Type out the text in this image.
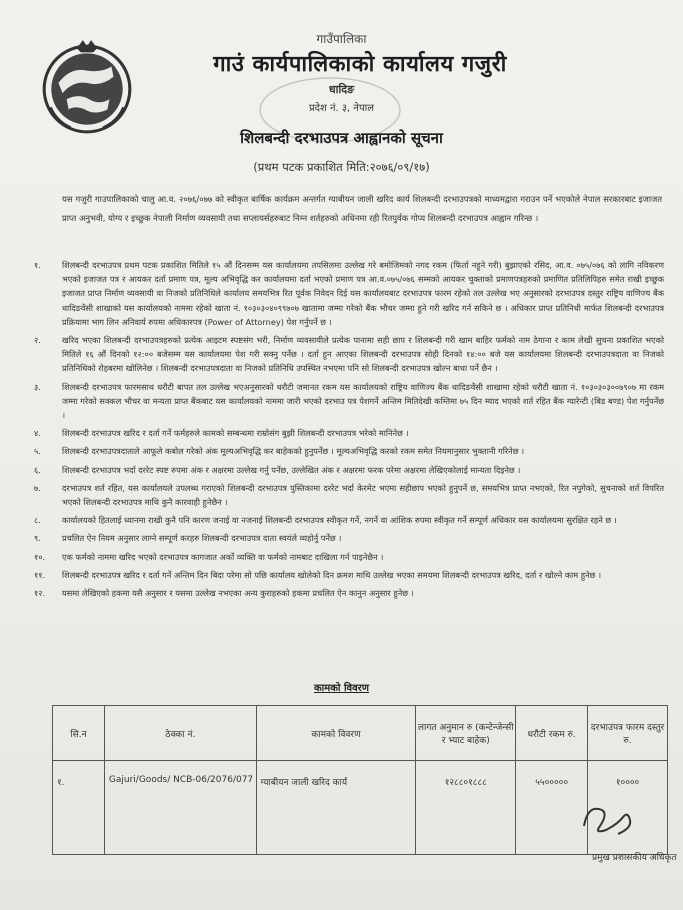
गाउँपालिका
गाउं कार्यपालिकाको कार्यालय गजुरी
धादिङ
प्रदेश नं. ३, नेपाल
शिलबन्दी दरभाउपत्र आह्वानको सूचना
(प्रथम पटक प्रकाशित मिति:२०७६/०९/१७)
यस गजुरी गाउपालिकाको चालु आ.व. २०७६/०७७ को स्वीकृत बार्षिक कार्यक्रम अन्तर्गत ग्याबीयन जाली खरिद कार्य शिलबन्दी दरभाउपत्रको माध्यमद्वारा गराउन पर्ने भएकोले नेपाल सरकारबाट इजाजत प्राप्त अनुभवी, योग्य र इच्छुक नेपाली निर्माण व्यवसायी तथा सप्लायर्सहरुबाट निम्न शर्तहरुको अधिनमा रही रितपुर्वक गोप्य शिलबन्दी दरभाउपत्र आह्वान गरिन्छ ।
१.	शिलबन्दी दरभाउपत्र प्रथम पटक प्रकाशित मितिले १५ औं दिनसम्म यस कार्यालयमा तपसिलमा उल्लेख गरे बमोजिमको नगद रकम (फिर्ता नहुने गरी) बुझाएको रसिद, आ.व. ०७५/०७६ को लागि नविकरण भएको इजाजत पत्र र आयकर दर्ता प्रमाण पत्र, मूल्य अभिवृद्धि कर कार्यालयमा दर्ता भएको प्रमाण पत्र आ.व.०७५/०७६ सम्मको आयकर चुक्ताको प्रमाणपत्रहरुको प्रमाणित प्रतिलिपिहरु समेत राखी इच्छुक इजाजत प्राप्त निर्माण व्यवसायी वा निजको प्रतिनिधिले कार्यालय समयभित्र रित पूर्वक निवेदन दिई यस कार्यालयबाट दरभाउपत्र फारम रहेको तल उल्लेख भए अनुसारको दरभाउपत्र दस्तुर राष्ट्रिय वाणिज्य बैंक धादिङवेंसी शाखाको यस कार्यालयको नाममा रहेको खाता नं. १०३०३०४०९९७०७ खातामा जम्मा गरेको बैंक भौचर जम्मा हुने गरी खरिद गर्न सकिने छ । अधिकार प्राप्त प्रतिनिधी मार्फत शिलबन्दी दरभाउपत्र प्रक्रियामा भाग लिन अनिवार्य रुपमा अधिकारपत्र (Power of Attorney) पेश गर्नुपर्ने छ ।
२.	खरिद भएका शिलबन्दी दरभाउपत्रहरुको प्रत्येक आइटम स्पष्टसंग भरी, निर्माण व्यवसायीले प्रत्येक पानामा सही छाप र शिलबन्दी गरी खाम बाहिर फर्मको नाम ठेगाना र काम लेखी सुचना प्रकाशित भएको मितिले १६ औं दिनको १२:०० बजेसम्म यस कार्यालयमा पेश गरी सक्नु पर्नेछ । दर्ता हुन आएका शिलबन्दी दरभाउपत्र सोही दिनको १४:०० बजे यस कार्यालयमा शिलबन्दी दरभाउपत्रदाता वा निजको प्रतिनिधिको रोहबरमा खोलिनेछ । शिलबन्दी दरभाउपत्रदाता वा निजको प्रतिनिधि उपस्थित नभएमा पनि सो शिलबन्दी दरभाउपत्र खोल्न बाधा पर्ने छैन ।
३.	शिलबन्दी दरभाउपत्र फारमसाथ धरौटी बापत तल उल्लेख भएअनुसारको धरौटी जमानत रकम यस कार्यालयको राष्ट्रिय वाणिज्य बैंक धादिङवेंसी शाखामा रहेको धरौटी खाता नं. १०३०३०३००७९०७ मा रकम जम्मा गरेको सक्कल भौचर वा मन्यता प्राप्त बैंकबाट यस कार्यालयको नाममा जारी भएको दरभाउ पत्र पेशगर्ने अन्तिम मितिदेखी कम्तिमा ७५ दिन म्याद भएको शर्त रहित बैंक ग्यारेन्टी (बिड बण्ड) पेश गर्नुपर्नेछ ।
४.	शिलबन्दी दरभाउपत्र खरिद र दर्ता गर्ने फर्महरुले कामको सम्बन्धमा राम्रोसंग बुझी शिलबन्दी दरभाउपत्र भरेको मानिनेछ ।
५.	शिलबन्दी दरभाउपत्रदाताले आफूले कबोल गरेको अंक मूल्यअभिवृद्धि कर बाहेकको हुनुपर्नेछ । मूल्यअभिवृद्धि करको रकम समेत नियमानुसार भुक्तानी गरिनेछ ।
६.	शिलबन्दी दरभाउपत्र भर्दा दररेट स्पष्ट रुपमा अंक र अक्षरमा उल्लेख गर्नु पर्नेछ, उल्लेखित अंक र अक्षरमा फरक परेमा अक्षरमा लेखिएकोलाई मान्यता दिइनेछ ।
७.	दरभाउपत्र शर्त रहित, यस कार्यालयले उपलब्ध गराएको शिलबन्दी दरभाउपत्र पुस्तिकामा दररेट भर्दा केरमेट भएमा सहीछाप भएको हुनुपर्ने छ, समयभित्र प्राप्त नभएको, रित नपुगेको, सुचनाको शर्त विपरित भएको शिलबन्दी दरभाउपत्र माथि कुनै कारवाही हुनेछैन ।
८.	कार्यालयको हितलाई ध्यानमा राखी कुनै पनि कारण जनाई वा नजनाई शिलबन्दी दरभाउपत्र स्वीकृत गर्ने, नगर्ने वा आंशिक रुपमा स्वीकृत गर्ने सम्पूर्ण अधिकार यस कार्यालयमा सुरक्षित रहने छ ।
९.	प्रचलित ऐन नियम अनुसार लाग्ने सम्पूर्ण करहरु शिलबन्दी दरभाउपत्र दाता स्वयंले व्यहोर्नु पर्नेछ ।
१०.	एक फर्मको नाममा खरिद भएको दरभाउपत्र कागजात अर्को व्यक्ति वा फर्मको नामबाट दाखिला गर्न पाइनेछैन ।
११.	शिलबन्दी दरभाउपत्र खरिद र दर्ता गर्ने अन्तिम दिन बिदा परेमा सो पछि कार्यालय खोलेको दिन क्रमश माथि उल्लेख भएका समयमा शिलबन्दी दरभाउपत्र खरिद, दर्ता र खोल्ने काम हुनेछ ।
१२.	यसमा लेखिएको हकमा यसै अनुसार र यसमा उल्लेख नभएका अन्य कुराहरुको हकमा प्रचलित ऐन कानुन अनुसार हुनेछ ।
कामको विवरण
सि.न	ठेक्का नं.	कामको विवरण	लागत अनुमान रु (कन्टेन्जेन्सी र भ्याट बाहेक)	धरौटी रकम रु.	दरभाउपत्र फारम दस्तुर रु.
१.	Gajuri/Goods/ NCB-06/2076/077	ग्याबीयन जाली खरिद कार्य	१२८८०१८८८	५५०००००	१००००
प्रमुख प्रशासकीय अधिकृत
